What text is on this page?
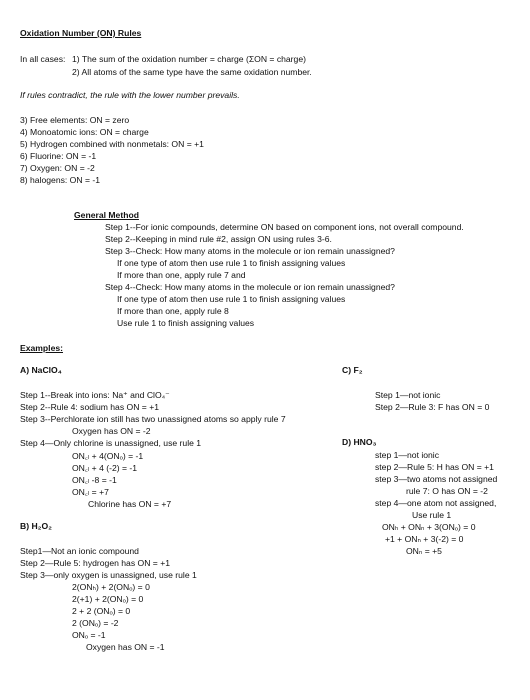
Oxidation Number (ON) Rules
In all cases: 1) The sum of the oxidation number = charge (ΣON = charge)
2) All atoms of the same type have the same oxidation number.
If rules contradict, the rule with the lower number prevails.
3) Free elements: ON = zero
4) Monoatomic ions: ON = charge
5) Hydrogen combined with nonmetals: ON = +1
6) Fluorine: ON = -1
7) Oxygen: ON = -2
8) halogens: ON = -1
General Method
Step 1--For ionic compounds, determine ON based on component ions, not overall compound.
Step 2--Keeping in mind rule #2, assign ON using rules 3-6.
Step 3--Check: How many atoms in the molecule or ion remain unassigned?
If one type of atom then use rule 1 to finish assigning values
If more than one, apply rule 7 and
Step 4--Check: How many atoms in the molecule or ion remain unassigned?
If one type of atom then use rule 1 to finish assigning values
If more than one, apply rule 8
Use rule 1 to finish assigning values
Examples:
A) NaClO₄
Step 1--Break into ions: Na⁺ and ClO₄⁻
Step 2--Rule 4: sodium has ON = +1
Step 3--Perchlorate ion still has two unassigned atoms so apply rule 7
Oxygen has ON = -2
Step 4—Only chlorine is unassigned, use rule 1
ON꜀ₗ + 4(ONₒ) = -1
ON꜀ₗ + 4 (-2) = -1
ON꜀ₗ -8 = -1
ON꜀ₗ = +7
Chlorine has ON = +7
B) H₂O₂
Step1—Not an ionic compound
Step 2—Rule 5: hydrogen has ON = +1
Step 3—only oxygen is unassigned, use rule 1
2(ONₕ) + 2(ONₒ) = 0
2(+1) + 2(ONₒ) = 0
2 + 2 (ONₒ) = 0
2 (ONₒ) = -2
ONₒ = -1
Oxygen has ON = -1
C) F₂
Step 1—not ionic
Step 2—Rule 3: F has ON = 0
D) HNO₃
step 1—not ionic
step 2—Rule 5: H has ON = +1
step 3—two atoms not assigned
rule 7: O has ON = -2
step 4—one atom not assigned,
Use rule 1
ONₕ + ONₙ + 3(ONₒ) = 0
+1 + ONₙ + 3(-2) = 0
ONₙ = +5
